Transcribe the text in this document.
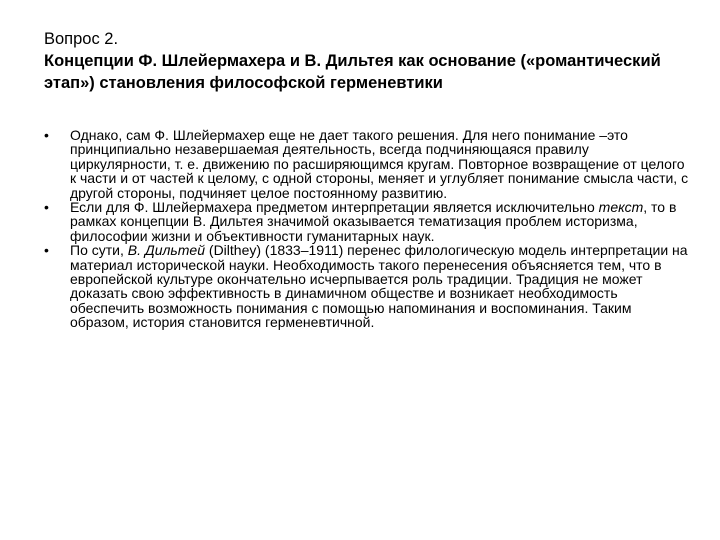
Вопрос 2.
Концепции Ф. Шлейермахера и В. Дильтея как основание («романтический этап») становления философской герменевтики
•	Однако, сам Ф. Шлейермахер еще не дает такого решения. Для него понимание –это принципиально незавершаемая деятельность, всегда подчиняющаяся правилу циркулярности, т. е. движению по расширяющимся кругам. Повторное возвращение от целого к части и от частей к целому, с одной стороны, меняет и углубляет понимание смысла части, с другой стороны, подчиняет целое постоянному развитию.
•	Если для Ф. Шлейермахера предметом интерпретации является исключительно текст, то в рамках концепции В. Дильтея значимой оказывается тематизация проблем историзма, философии жизни и объективности гуманитарных наук.
•	По сути, В. Дильтей (Dilthey) (1833–1911) перенес филологическую модель интерпретации на материал исторической науки. Необходимость такого перенесения объясняется тем, что в европейской культуре окончательно исчерпывается роль традиции. Традиция не может доказать свою эффективность в динамичном обществе и возникает необходимость обеспечить возможность понимания с помощью напоминания и воспоминания. Таким образом, история становится герменевтичной.
